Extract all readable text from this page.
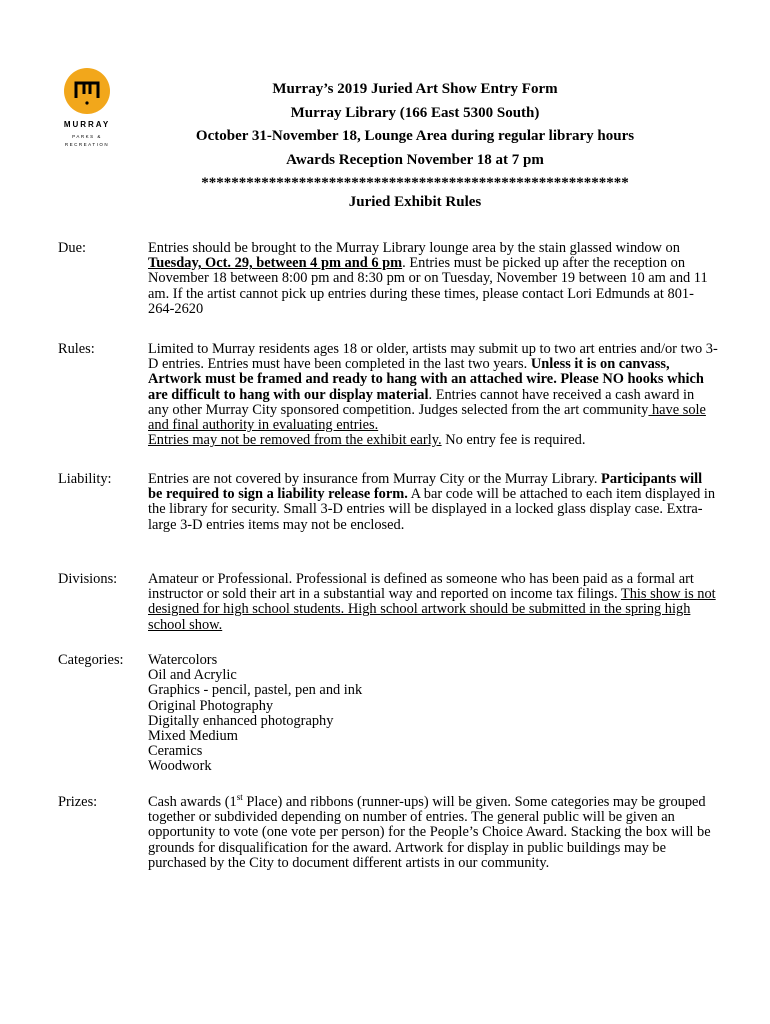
MURRAY
PARKS &
RECREATION
Murray’s 2019 Juried Art Show Entry Form
Murray Library (166 East 5300 South)
October 31-November 18, Lounge Area during regular library hours
Awards Reception November 18 at 7 pm
*********************************************************
Juried Exhibit Rules
Due:	Entries should be brought to the Murray Library lounge area by the stain glassed window on Tuesday, Oct. 29, between 4 pm and 6 pm. Entries must be picked up after the reception on November 18 between 8:00 pm and 8:30 pm or on Tuesday, November 19 between 10 am and 11 am. If the artist cannot pick up entries during these times, please contact Lori Edmunds at 801-264-2620

Rules:	Limited to Murray residents ages 18 or older, artists may submit up to two art entries and/or two 3-D entries. Entries must have been completed in the last two years. Unless it is on canvass, Artwork must be framed and ready to hang with an attached wire. Please NO hooks which are difficult to hang with our display material. Entries cannot have received a cash award in any other Murray City sponsored competition. Judges selected from the art community have sole and final authority in evaluating entries.
Entries may not be removed from the exhibit early. No entry fee is required.

Liability:	Entries are not covered by insurance from Murray City or the Murray Library. Participants will be required to sign a liability release form. A bar code will be attached to each item displayed in the library for security. Small 3-D entries will be displayed in a locked glass display case. Extra-large 3-D entries items may not be enclosed.

Divisions:	Amateur or Professional. Professional is defined as someone who has been paid as a formal art instructor or sold their art in a substantial way and reported on income tax filings. This show is not designed for high school students. High school artwork should be submitted in the spring high school show.

Categories:	Watercolors
Oil and Acrylic
Graphics - pencil, pastel, pen and ink
Original Photography
Digitally enhanced photography
Mixed Medium
Ceramics
Woodwork
Prizes:	Cash awards (1st Place) and ribbons (runner-ups) will be given. Some categories may be grouped together or subdivided depending on number of entries. The general public will be given an opportunity to vote (one vote per person) for the People’s Choice Award. Stacking the box will be grounds for disqualification for the award. Artwork for display in public buildings may be purchased by the City to document different artists in our community.
